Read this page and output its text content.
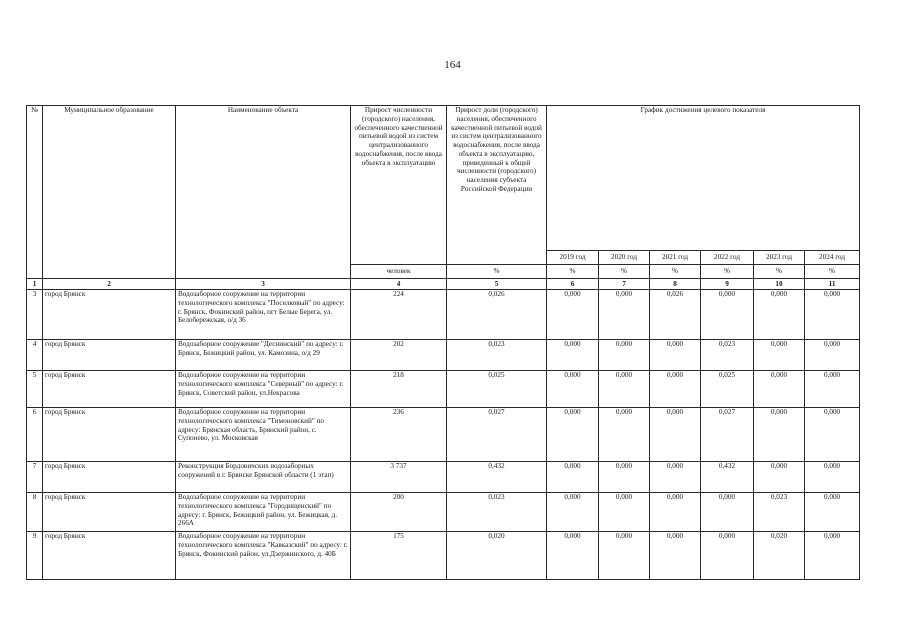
164
№	Муниципальное образование	Наименование объекта	Прирост численности (городского) населения, обеспеченного качественной питьевой водой из систем централизованного водоснабжения, после ввода объекта в эксплуатацию	Прирост доли (городского) населения, обеспеченного качественной питьевой водой из систем централизованного водоснабжения, после ввода объекта в эксплуатацию, приведенный к общей численности (городского) населения субъекта Российской Федерации	График достижения целевого показателя					
					2019 год	2020 год	2021 год	2022 год	2023 год	2024 год
			человек	%	%	%	%	%	%	%
1	2	3	4	5	6	7	8	9	10	11
3	город Брянск	Водозаборное сооружение на территории технологического комплекса "Поселковый" по адресу: г. Брянск, Фокинский район, пгт Белые Берега, ул. Белобережская, о/д 36	224	0,026	0,000	0,000	0,026	0,000	0,000	0,000
4	город Брянск	Водозаборное сооружение "Деснинский" по адресу: г. Брянск, Бежицкий район, ул. Камозина, о/д 29	202	0,023	0,000	0,000	0,000	0,023	0,000	0,000
5	город Брянск	Водозаборное сооружение на территории технологического комплекса "Северный" по адресу: г. Брянск, Советский район, ул.Некрасова	218	0,025	0,000	0,000	0,000	0,025	0,000	0,000
6	город Брянск	Водозаборное сооружение на территории технологического комплекса "Тимоновский" по адресу: Брянская область, Брянский район, с. Супонево, ул. Московская	236	0,027	0,000	0,000	0,000	0,027	0,000	0,000
7	город Брянск	Реконструкция Бордовичских водозаборных сооружений в г. Брянске Брянской области (1 этап)	3 737	0,432	0,000	0,000	0,000	0,432	0,000	0,000
8	город Брянск	Водозаборное сооружение на территории технологического комплекса "Городищенский" по адресу: г. Брянск, Бежицкий район, ул. Бежицкая, д. 266А	200	0,023	0,000	0,000	0,000	0,000	0,023	0,000
9	город Брянск	Водозаборное сооружение на территории технологического комплекса "Кавказский" по адресу: г. Брянск, Фокинский район, ул.Дзержинского, д. 40Б	175	0,020	0,000	0,000	0,000	0,000	0,020	0,000
